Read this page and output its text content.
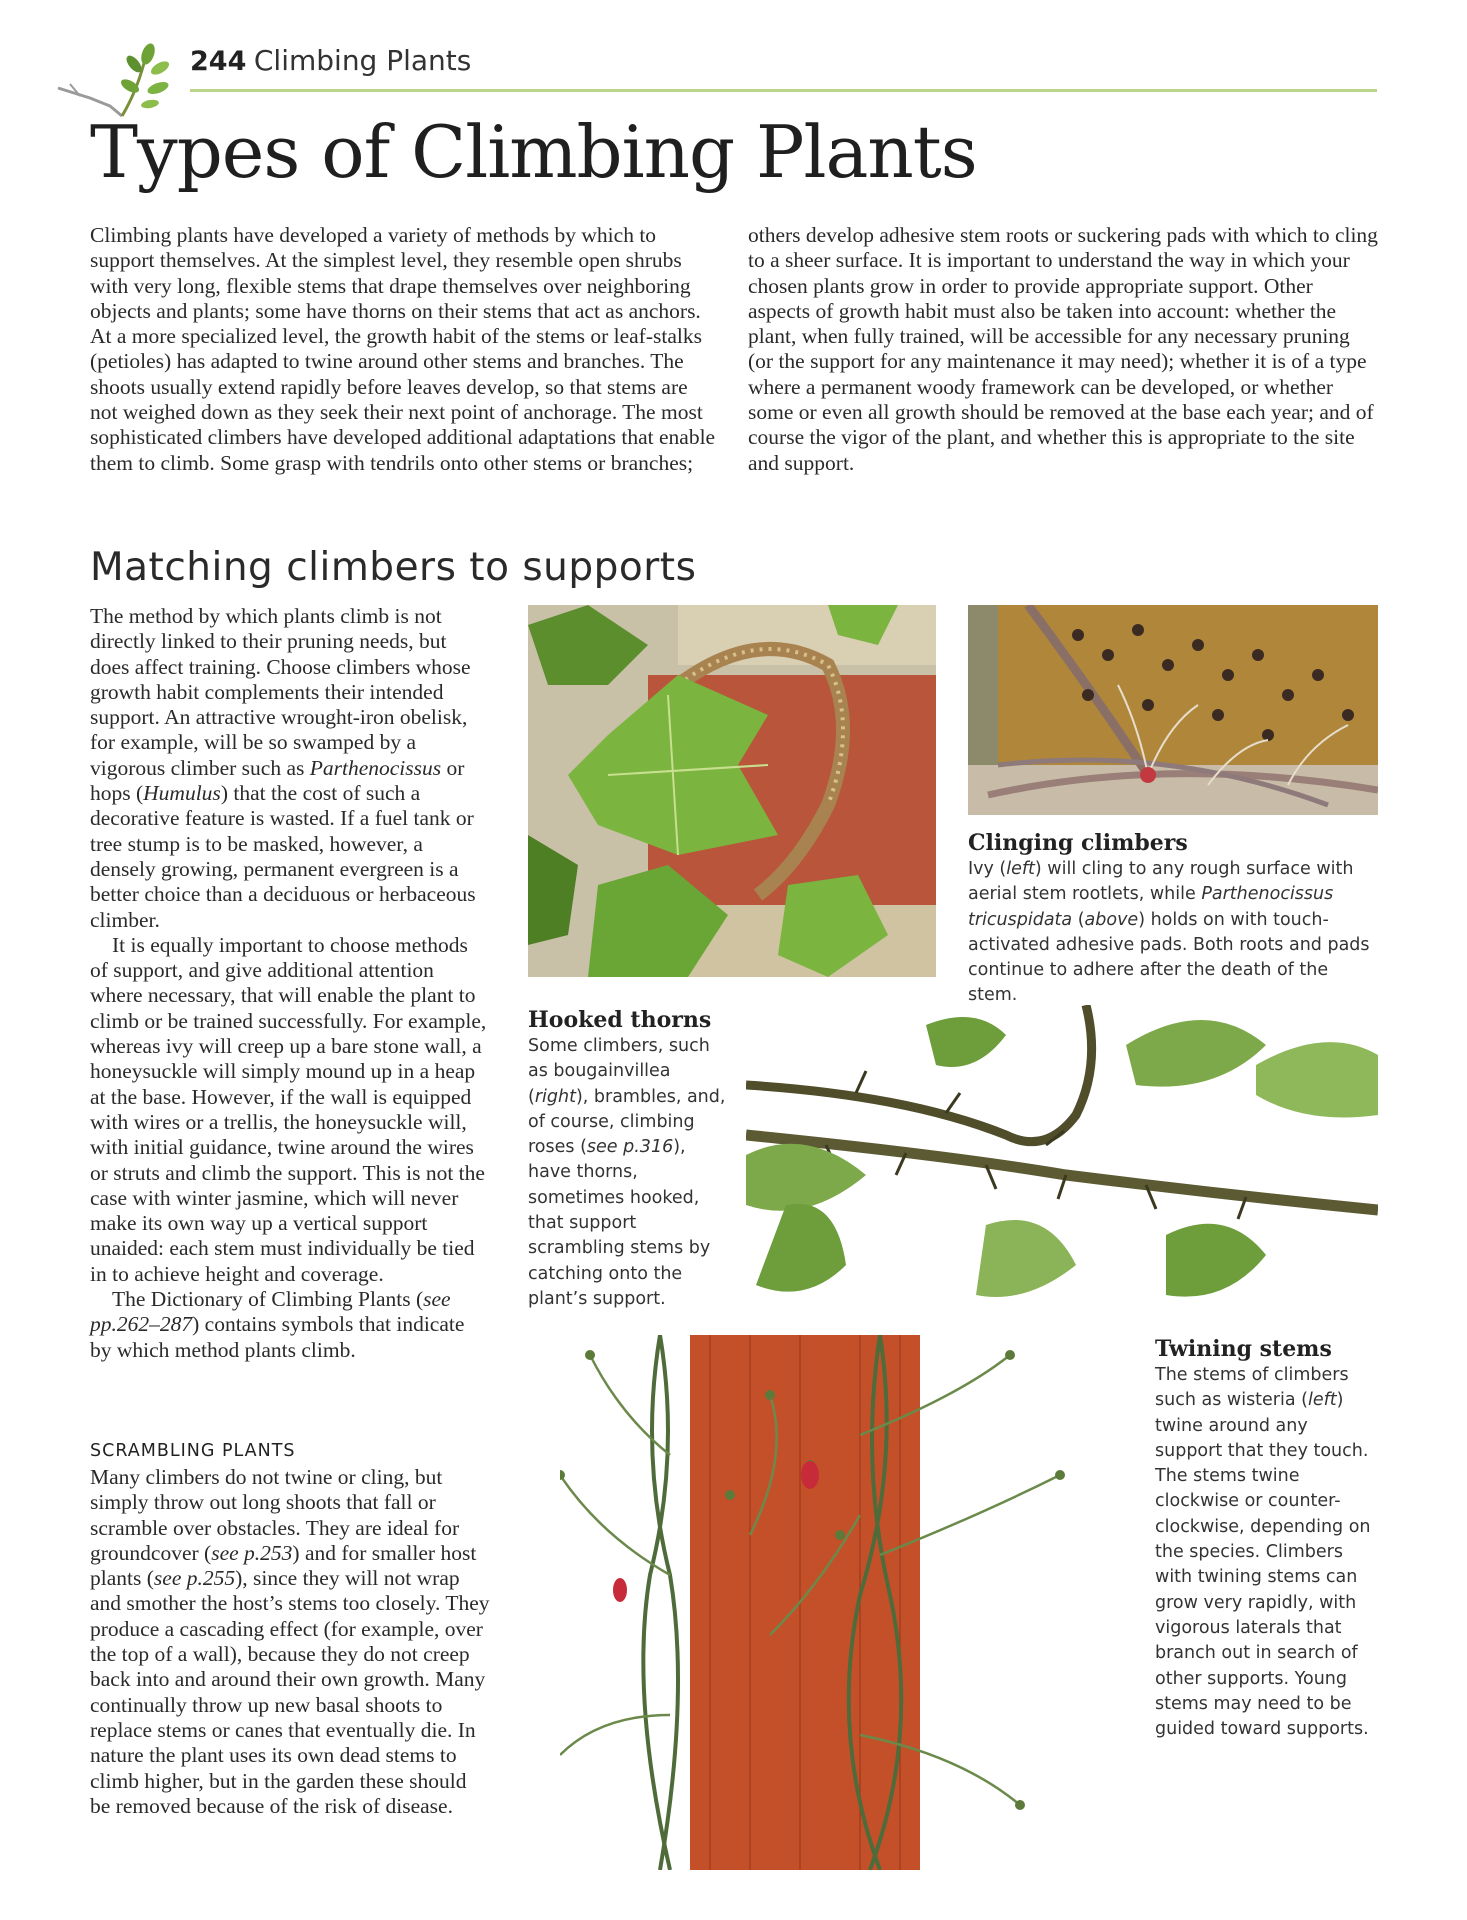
244 Climbing Plants
Types of Climbing Plants

Climbing plants have developed a variety of methods by which to support themselves. At the simplest level, they resemble open shrubs with very long, flexible stems that drape themselves over neighboring objects and plants; some have thorns on their stems that act as anchors. At a more specialized level, the growth habit of the stems or leaf-stalks (petioles) has adapted to twine around other stems and branches. The shoots usually extend rapidly before leaves develop, so that stems are not weighed down as they seek their next point of anchorage. The most sophisticated climbers have developed additional adaptations that enable them to climb. Some grasp with tendrils onto other stems or branches;

others develop adhesive stem roots or suckering pads with which to cling to a sheer surface. It is important to understand the way in which your chosen plants grow in order to provide appropriate support. Other aspects of growth habit must also be taken into account: whether the plant, when fully trained, will be accessible for any necessary pruning (or the support for any maintenance it may need); whether it is of a type where a permanent woody framework can be developed, or whether some or even all growth should be removed at the base each year; and of course the vigor of the plant, and whether this is appropriate to the site and support.

Matching climbers to supports

The method by which plants climb is not directly linked to their pruning needs, but does affect training. Choose climbers whose growth habit complements their intended support. An attractive wrought-iron obelisk, for example, will be so swamped by a vigorous climber such as Parthenocissus or hops (Humulus) that the cost of such a decorative feature is wasted. If a fuel tank or tree stump is to be masked, however, a densely growing, permanent evergreen is a better choice than a deciduous or herbaceous climber.

It is equally important to choose methods of support, and give additional attention where necessary, that will enable the plant to climb or be trained successfully. For example, whereas ivy will creep up a bare stone wall, a honeysuckle will simply mound up in a heap at the base. However, if the wall is equipped with wires or a trellis, the honeysuckle will, with initial guidance, twine around the wires or struts and climb the support. This is not the case with winter jasmine, which will never make its own way up a vertical support unaided: each stem must individually be tied in to achieve height and coverage.

The Dictionary of Climbing Plants (see pp.262–287) contains symbols that indicate by which method plants climb.

SCRAMBLING PLANTS

Many climbers do not twine or cling, but simply throw out long shoots that fall or scramble over obstacles. They are ideal for groundcover (see p.253) and for smaller host plants (see p.255), since they will not wrap and smother the host’s stems too closely. They produce a cascading effect (for example, over the top of a wall), because they do not creep back into and around their own growth. Many continually throw up new basal shoots to replace stems or canes that eventually die. In nature the plant uses its own dead stems to climb higher, but in the garden these should be removed because of the risk of disease.

Clinging climbers

Ivy (left) will cling to any rough surface with aerial stem rootlets, while Parthenocissus tricuspidata (above) holds on with touch-activated adhesive pads. Both roots and pads continue to adhere after the death of the stem.

Hooked thorns

Some climbers, such as bougainvillea (right), brambles, and, of course, climbing roses (see p.316), have thorns, sometimes hooked, that support scrambling stems by catching onto the plant’s support.

Twining stems

The stems of climbers such as wisteria (left) twine around any support that they touch. The stems twine clockwise or counter-clockwise, depending on the species. Climbers with twining stems can grow very rapidly, with vigorous laterals that branch out in search of other supports. Young stems may need to be guided toward supports.
